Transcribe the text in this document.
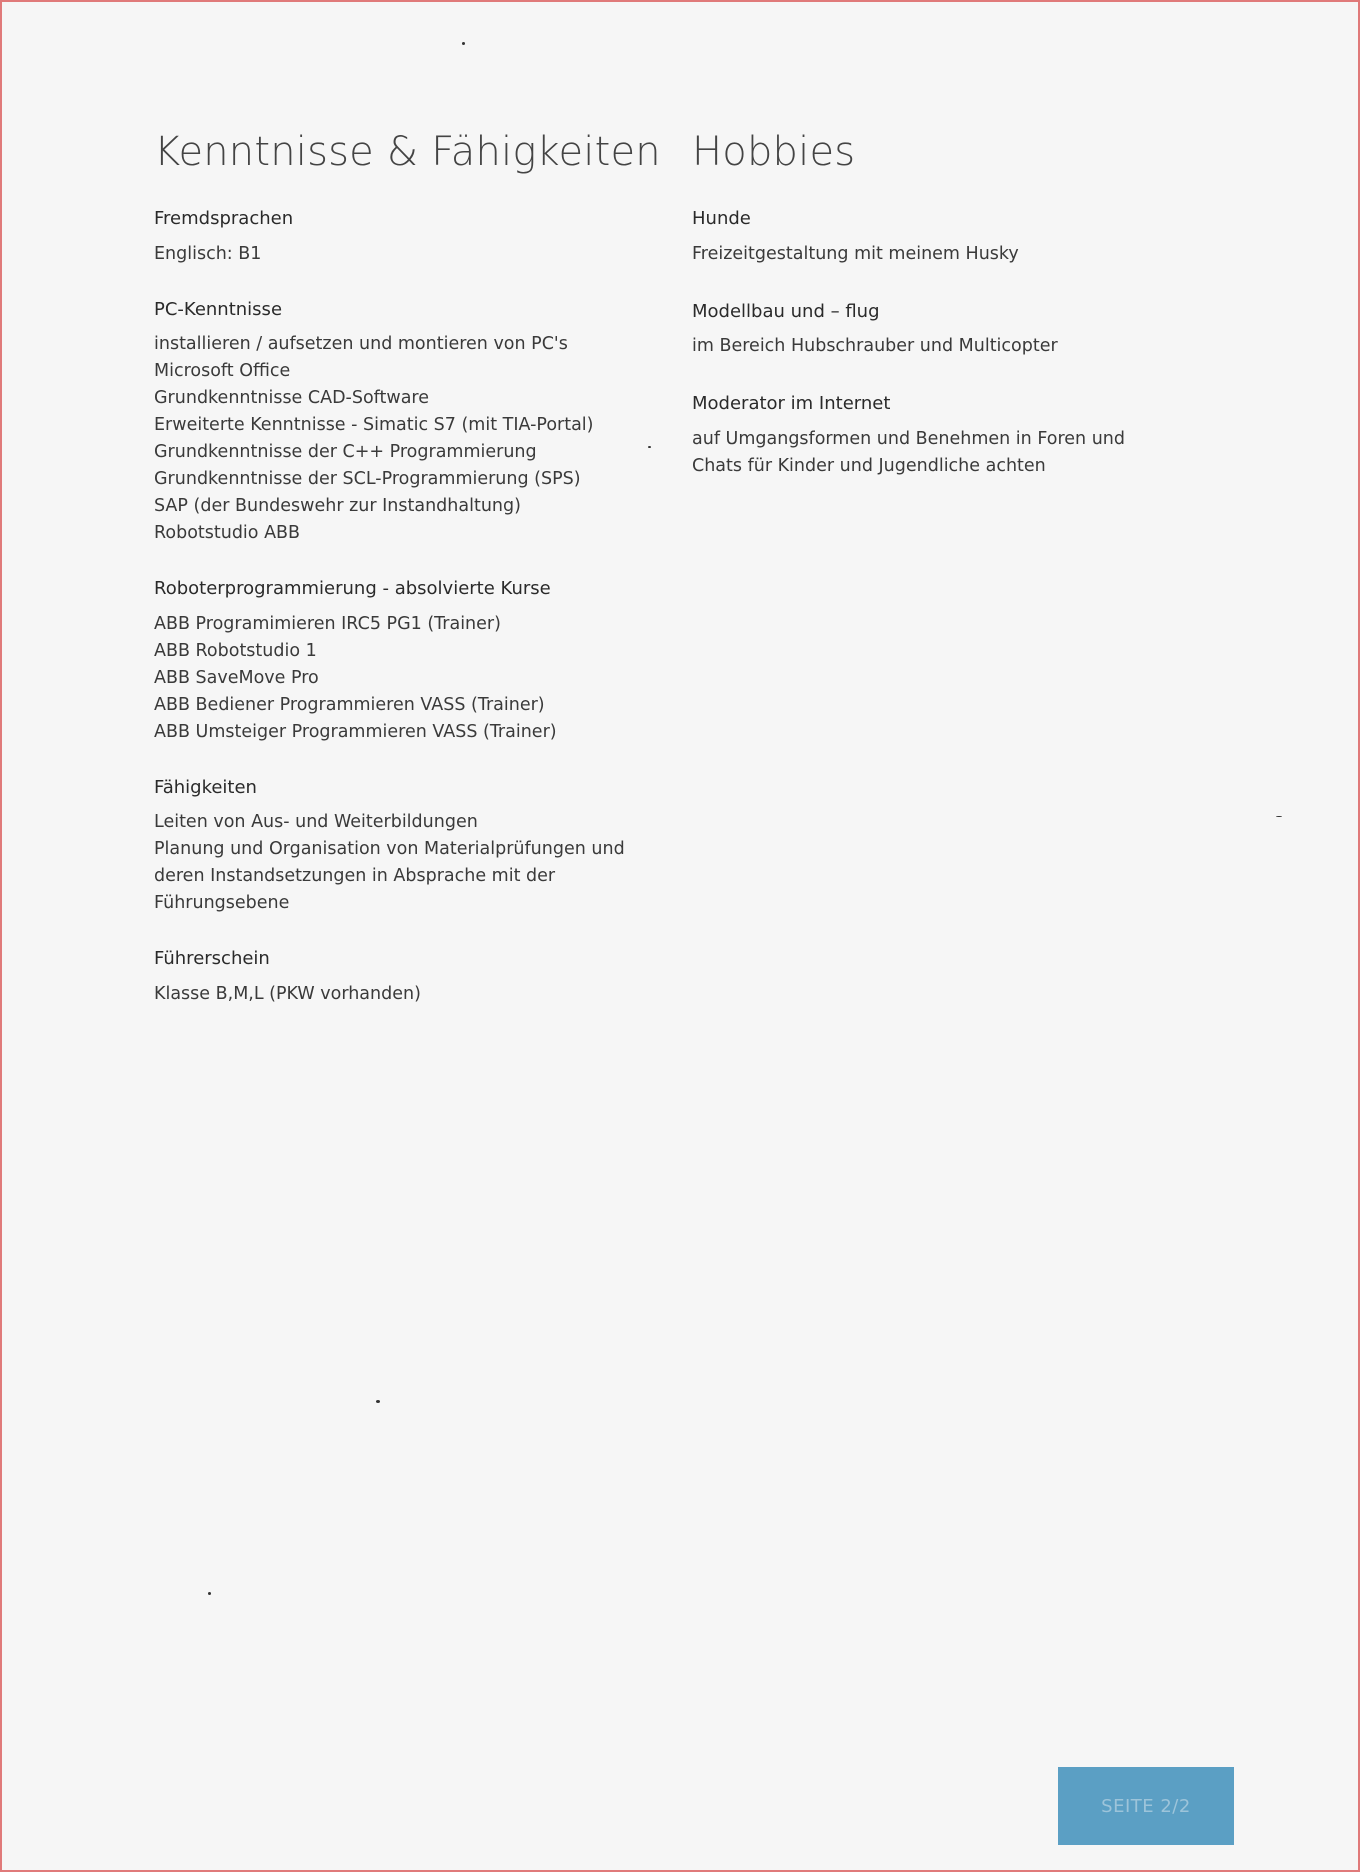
Kenntnisse & Fähigkeiten
Fremdsprachen
Englisch: B1
PC-Kenntnisse
installieren / aufsetzen und montieren von PC's
Microsoft Office
Grundkenntnisse CAD-Software
Erweiterte Kenntnisse - Simatic S7 (mit TIA-Portal)
Grundkenntnisse der C++ Programmierung
Grundkenntnisse der SCL-Programmierung (SPS)
SAP (der Bundeswehr zur Instandhaltung)
Robotstudio ABB
Roboterprogrammierung - absolvierte Kurse
ABB Programimieren IRC5 PG1 (Trainer)
ABB Robotstudio 1
ABB SaveMove Pro
ABB Bediener Programmieren VASS (Trainer)
ABB Umsteiger Programmieren VASS (Trainer)
Fähigkeiten
Leiten von Aus- und Weiterbildungen
Planung und Organisation von Materialprüfungen und
deren Instandsetzungen in Absprache mit der
Führungsebene
Führerschein
Klasse B,M,L (PKW vorhanden)
Hobbies
Hunde
Freizeitgestaltung mit meinem Husky
Modellbau und – flug
im Bereich Hubschrauber und Multicopter
Moderator im Internet
auf Umgangsformen und Benehmen in Foren und
Chats für Kinder und Jugendliche achten
SEITE 2/2
